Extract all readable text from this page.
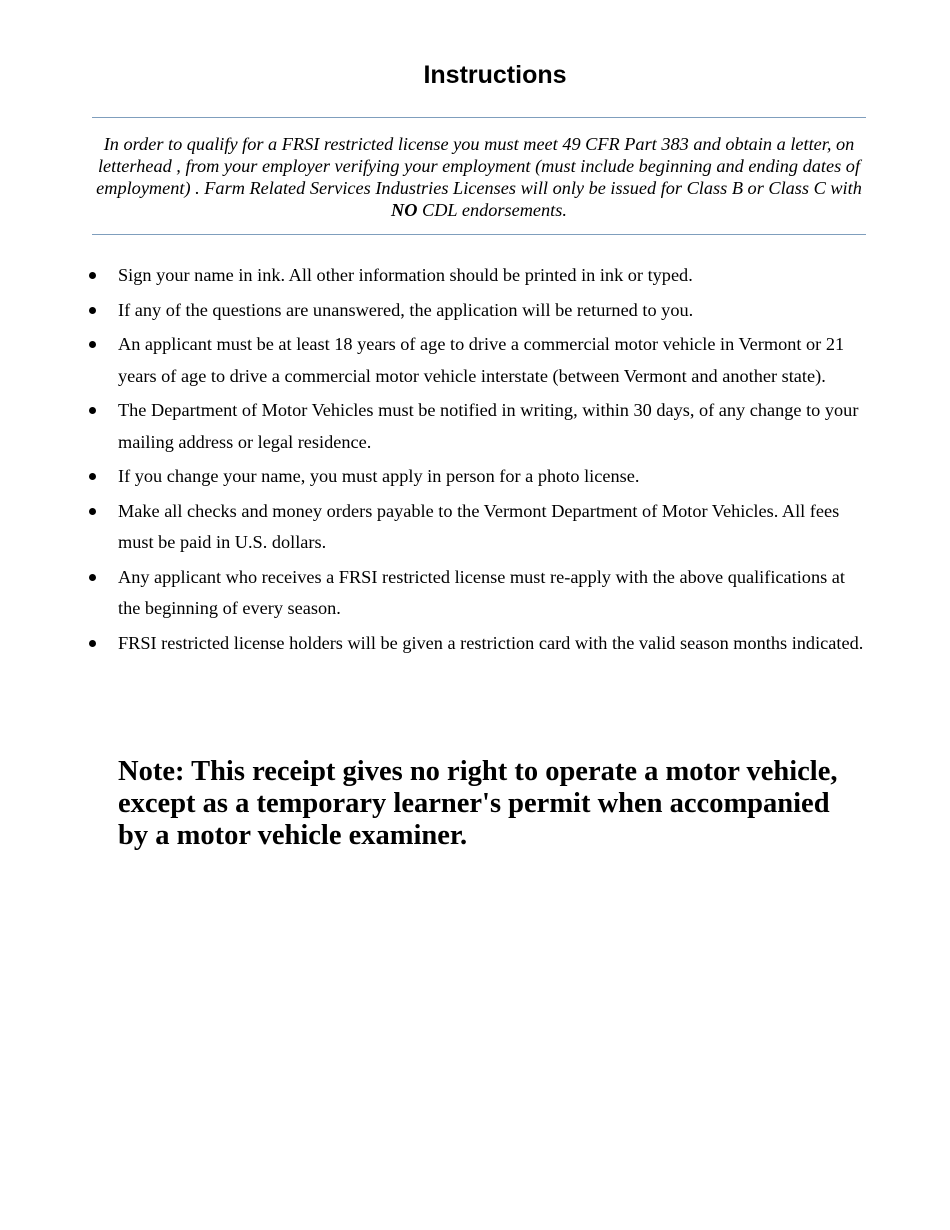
Instructions
In order to qualify for a FRSI restricted license you must meet 49 CFR Part 383 and obtain a letter, on letterhead , from your employer verifying your employment (must include beginning and ending dates of employment) . Farm Related Services Industries Licenses will only be issued for Class B or Class C with NO CDL endorsements.
Sign your name in ink. All other information should be printed in ink or typed.
If any of the questions are unanswered, the application will be returned to you.
An applicant must be at least 18 years of age to drive a commercial motor vehicle in Vermont or 21 years of age to drive a commercial motor vehicle interstate (between Vermont and another state).
The Department of Motor Vehicles must be notified in writing, within 30 days, of any change to your mailing address or legal residence.
If you change your name, you must apply in person for a photo license.
Make all checks and money orders payable to the Vermont Department of Motor Vehicles. All fees must be paid in U.S. dollars.
Any applicant who receives a FRSI restricted license must re-apply with the above qualifications at the beginning of every season.
FRSI restricted license holders will be given a restriction card with the valid season months indicated.
Note: This receipt gives no right to operate a motor vehicle, except as a temporary learner's permit when accompanied by a motor vehicle examiner.
